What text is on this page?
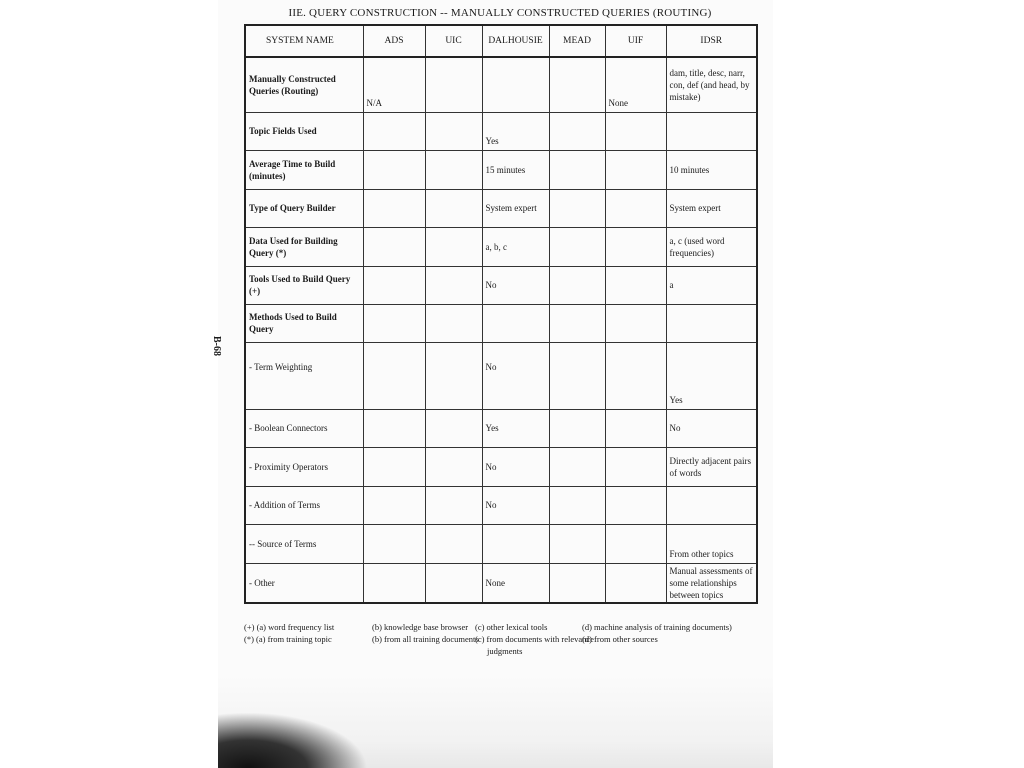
IIE. QUERY CONSTRUCTION -- MANUALLY CONSTRUCTED QUERIES (ROUTING)
B-68
SYSTEM NAME	ADS	UIC	DALHOUSIE	MEAD	UIF	IDSR
Manually Constructed Queries (Routing)	N/A				None	dam, title, desc, narr, con, def (and head, by mistake)
Topic Fields Used			Yes			
Average Time to Build (minutes)			15 minutes			10 minutes
Type of Query Builder			System expert			System expert
Data Used for Building Query (*)			a, b, c			a, c (used word frequencies)
Tools Used to Build Query (+)			No			a
Methods Used to Build Query						
- Term Weighting			No			Yes
- Boolean Connectors			Yes			No
- Proximity Operators			No			Directly adjacent pairs of words
- Addition of Terms			No			
-- Source of Terms						From other topics
- Other			None			Manual assessments of some relationships between topics
(+) (a) word frequency list	(b) knowledge base browser (c) other lexical tools	(d) machine analysis of training documents)
(*) (a) from training topic	(b) from all training documents
(c) from documents with relevance
(d) from other sources
judgments
